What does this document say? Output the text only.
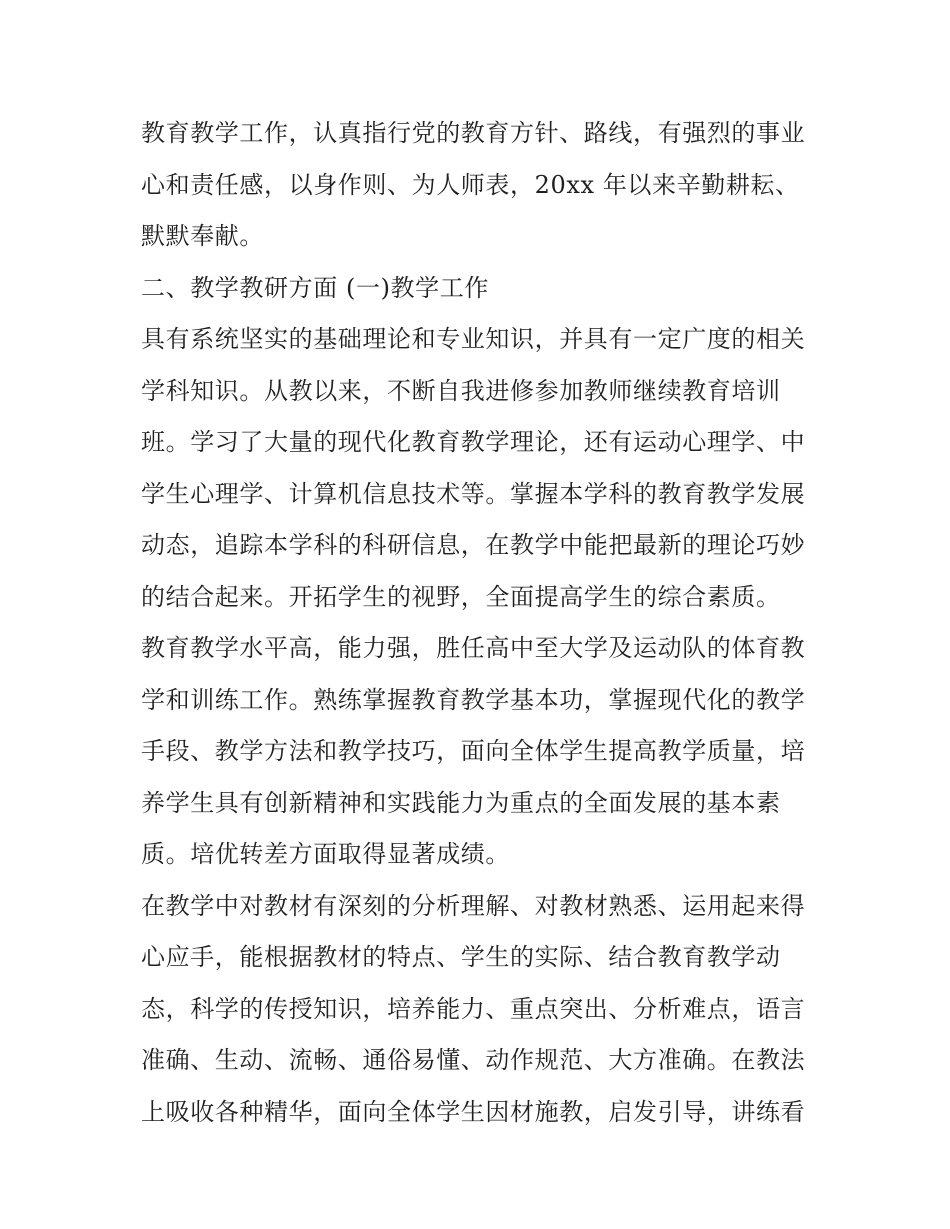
教育教学工作，认真指行党的教育方针、路线，有强烈的事业
心和责任感，以身作则、为人师表，20xx 年以来辛勤耕耘、
默默奉献。
二、教学教研方面 (一)教学工作
具有系统坚实的基础理论和专业知识，并具有一定广度的相关
学科知识。从教以来，不断自我进修参加教师继续教育培训
班。学习了大量的现代化教育教学理论，还有运动心理学、中
学生心理学、计算机信息技术等。掌握本学科的教育教学发展
动态，追踪本学科的科研信息，在教学中能把最新的理论巧妙
的结合起来。开拓学生的视野，全面提高学生的综合素质。
教育教学水平高，能力强，胜任高中至大学及运动队的体育教
学和训练工作。熟练掌握教育教学基本功，掌握现代化的教学
手段、教学方法和教学技巧，面向全体学生提高教学质量，培
养学生具有创新精神和实践能力为重点的全面发展的基本素
质。培优转差方面取得显著成绩。
在教学中对教材有深刻的分析理解、对教材熟悉、运用起来得
心应手，能根据教材的特点、学生的实际、结合教育教学动
态，科学的传授知识，培养能力、重点突出、分析难点，语言
准确、生动、流畅、通俗易懂、动作规范、大方准确。在教法
上吸收各种精华，面向全体学生因材施教，启发引导，讲练看
